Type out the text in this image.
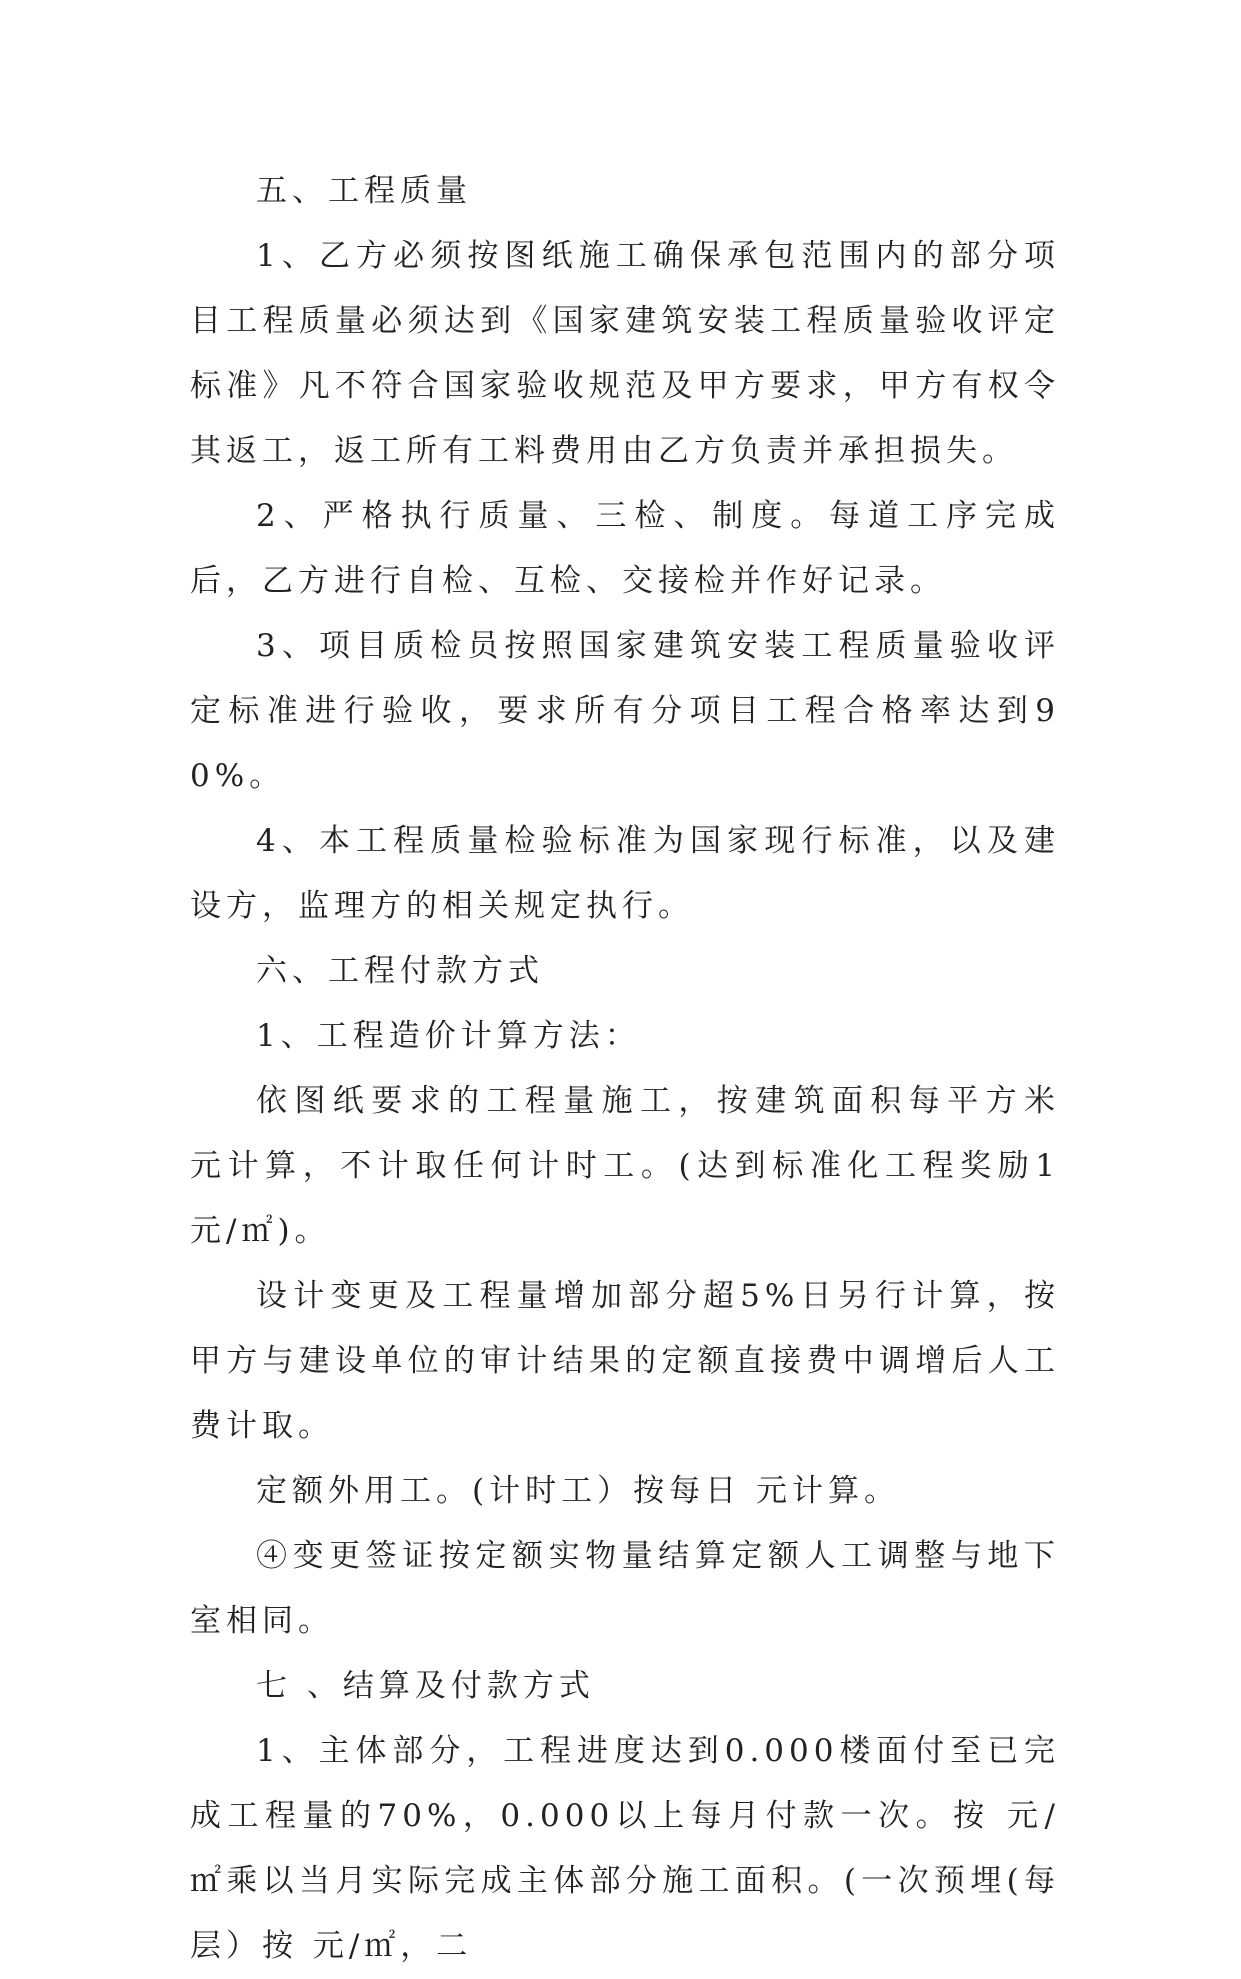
五、工程质量

1、乙方必须按图纸施工确保承包范围内的部分项目工程质量必须达到《国家建筑安装工程质量验收评定标准》凡不符合国家验收规范及甲方要求，甲方有权令其返工，返工所有工料费用由乙方负责并承担损失。

2、严格执行质量、三检、制度。每道工序完成后，乙方进行自检、互检、交接检并作好记录。

3、项目质检员按照国家建筑安装工程质量验收评定标准进行验收，要求所有分项目工程合格率达到90%。

4、本工程质量检验标准为国家现行标准，以及建设方，监理方的相关规定执行。

六、工程付款方式

1、工程造价计算方法：

依图纸要求的工程量施工，按建筑面积每平方米 元计算，不计取任何计时工。(达到标准化工程奖励1元/㎡)。

设计变更及工程量增加部分超5%日另行计算，按甲方与建设单位的审计结果的定额直接费中调增后人工费计取。

定额外用工。(计时工）按每日 元计算。

④变更签证按定额实物量结算定额人工调整与地下室相同。

七 、结算及付款方式

1、主体部分，工程进度达到0.000楼面付至已完成工程量的70%，0.000以上每月付款一次。按 元/㎡乘以当月实际完成主体部分施工面积。(一次预埋(每层）按 元/㎡，二
